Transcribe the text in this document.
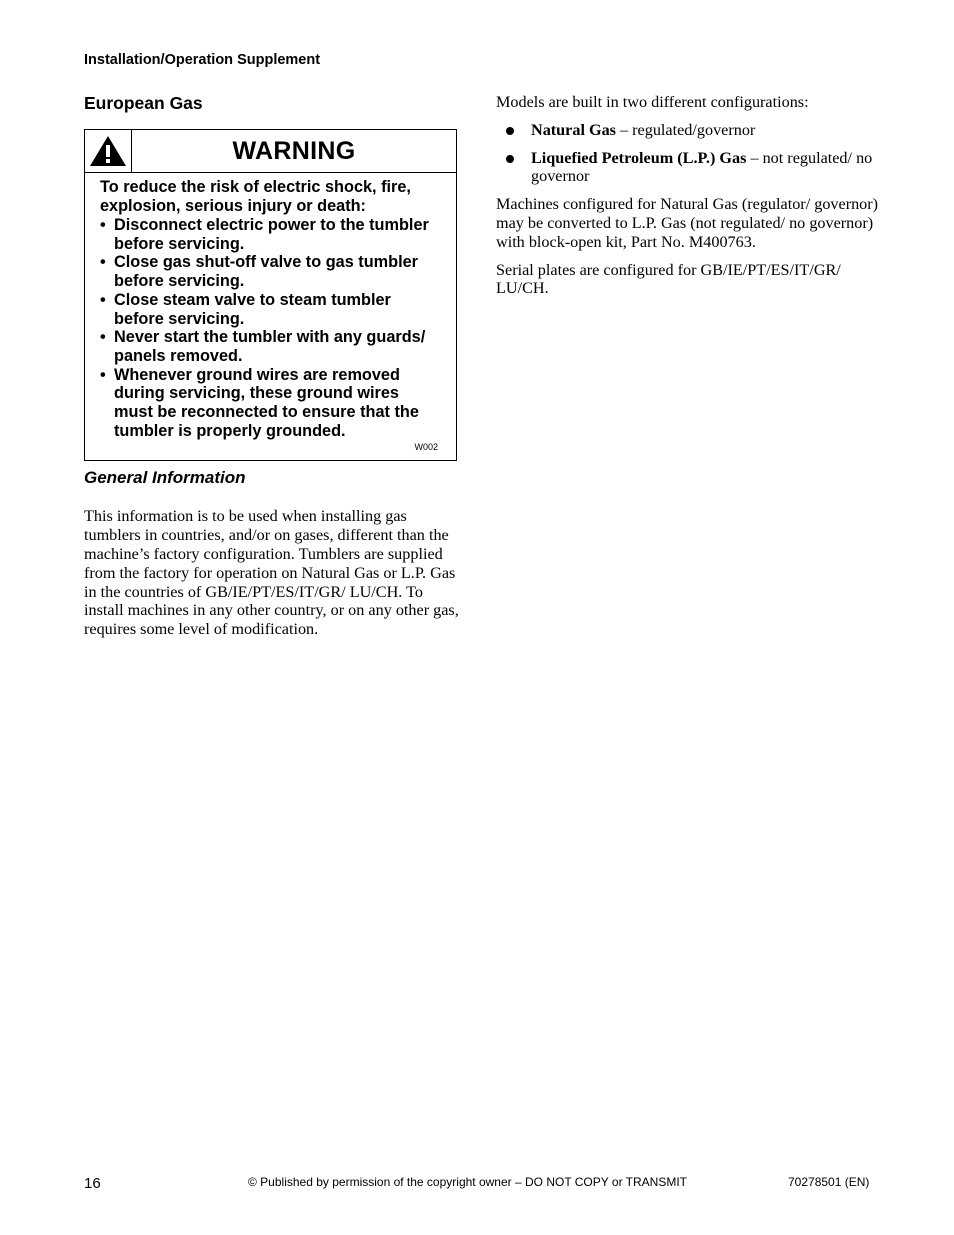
Installation/Operation Supplement
European Gas
WARNING

To reduce the risk of electric shock, fire, explosion, serious injury or death:

• Disconnect electric power to the tumbler before servicing.
• Close gas shut-off valve to gas tumbler before servicing.
• Close steam valve to steam tumbler before servicing.
• Never start the tumbler with any guards/ panels removed.
• Whenever ground wires are removed during servicing, these ground wires must be reconnected to ensure that the tumbler is properly grounded.
W002
General Information

This information is to be used when installing gas tumblers in countries, and/or on gases, different than the machine’s factory configuration. Tumblers are supplied from the factory for operation on Natural Gas or L.P. Gas in the countries of GB/IE/PT/ES/IT/GR/ LU/CH. To install machines in any other country, or on any other gas, requires some level of modification.

Models are built in two different configurations:

Natural Gas – regulated/governor
Liquefied Petroleum (L.P.) Gas – not regulated/ no governor

Machines configured for Natural Gas (regulator/ governor) may be converted to L.P. Gas (not regulated/ no governor) with block-open kit, Part No. M400763.

Serial plates are configured for GB/IE/PT/ES/IT/GR/ LU/CH.

16	© Published by permission of the copyright owner – DO NOT COPY or TRANSMIT	70278501 (EN)
